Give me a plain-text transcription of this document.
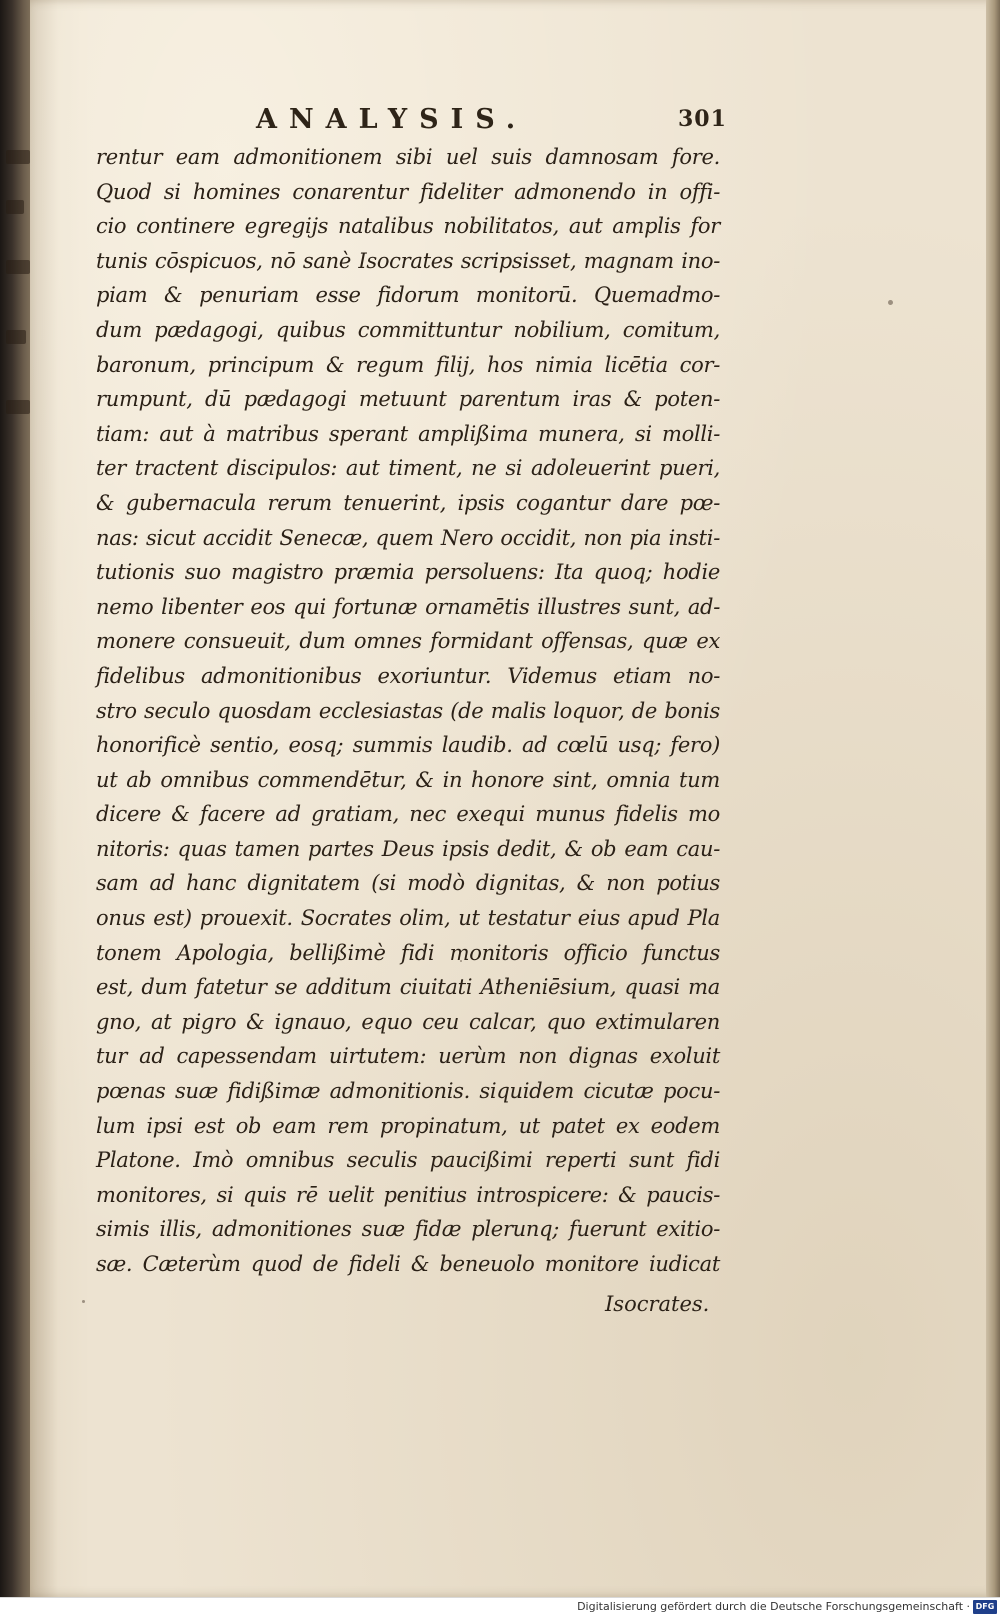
ANALYSIS.	301
rentur eam admonitionem sibi uel suis damnosam fore.
Quod si homines conarentur fideliter admonendo in offi-
cio continere egregijs natalibus nobilitatos, aut amplis for
tunis cōspicuos, nō sanè Isocrates scripsisset, magnam ino-
piam & penuriam esse fidorum monitorū. Quemadmo-
dum pædagogi, quibus committuntur nobilium, comitum,
baronum, principum & regum filij, hos nimia licētia cor-
rumpunt, dū pædagogi metuunt parentum iras & poten-
tiam: aut à matribus sperant amplißima munera, si molli-
ter tractent discipulos: aut timent, ne si adoleuerint pueri,
& gubernacula rerum tenuerint, ipsis cogantur dare pœ-
nas: sicut accidit Senecæ, quem Nero occidit, non pia insti-
tutionis suo magistro præmia persoluens: Ita quoq; hodie
nemo libenter eos qui fortunæ ornamētis illustres sunt, ad-
monere consueuit, dum omnes formidant offensas, quæ ex
fidelibus admonitionibus exoriuntur. Videmus etiam no-
stro seculo quosdam ecclesiastas (de malis loquor, de bonis
honorificè sentio, eosq; summis laudib. ad cœlū usq; fero)
ut ab omnibus commendētur, & in honore sint, omnia tum
dicere & facere ad gratiam, nec exequi munus fidelis mo
nitoris: quas tamen partes Deus ipsis dedit, & ob eam cau-
sam ad hanc dignitatem (si modò dignitas, & non potius
onus est) prouexit. Socrates olim, ut testatur eius apud Pla
tonem Apologia, bellißimè fidi monitoris officio functus
est, dum fatetur se additum ciuitati Atheniēsium, quasi ma
gno, at pigro & ignauo, equo ceu calcar, quo extimularen
tur ad capessendam uirtutem: uerùm non dignas exoluit
pœnas suæ fidißimæ admonitionis. siquidem cicutæ pocu-
lum ipsi est ob eam rem propinatum, ut patet ex eodem
Platone. Imò omnibus seculis paucißimi reperti sunt fidi
monitores, si quis rē uelit penitius introspicere: & paucis-
simis illis, admonitiones suæ fidæ plerunq; fuerunt exitio-
sæ. Cæterùm quod de fideli & beneuolo monitore iudicat
Isocrates.
Digitalisierung gefördert durch die Deutsche Forschungsgemeinschaft · DFG
